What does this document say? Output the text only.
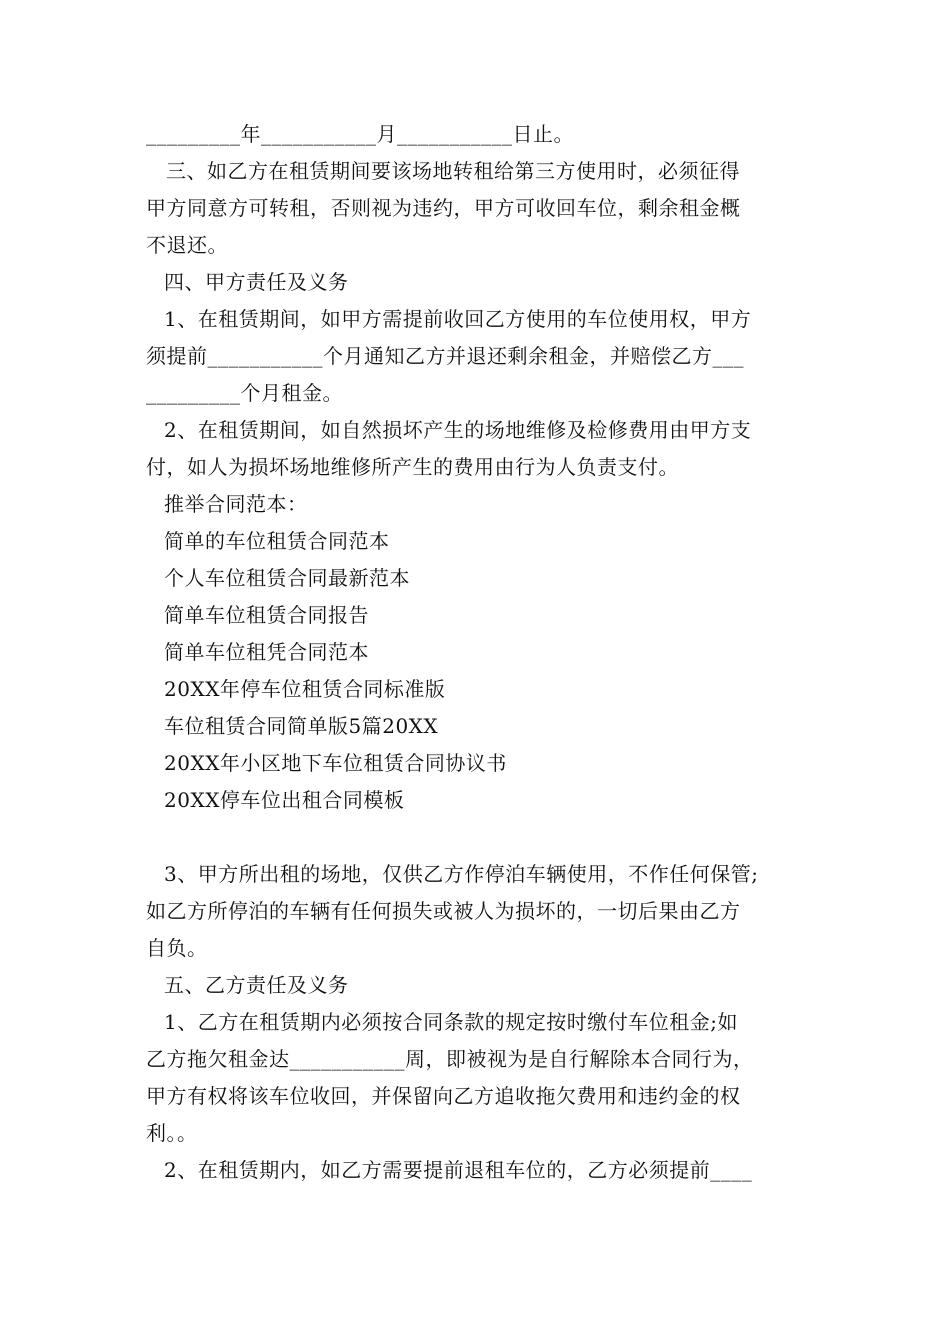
_________年___________月___________日止。

三、如乙方在租赁期间要该场地转租给第三方使用时，必须征得

甲方同意方可转租，否则视为违约，甲方可收回车位，剩余租金概

不退还。

四、甲方责任及义务

1、在租赁期间，如甲方需提前收回乙方使用的车位使用权，甲方

须提前___________个月通知乙方并退还剩余租金，并赔偿乙方___

_________个月租金。

2、在租赁期间，如自然损坏产生的场地维修及检修费用由甲方支

付，如人为损坏场地维修所产生的费用由行为人负责支付。

推举合同范本：

简单的车位租赁合同范本

个人车位租赁合同最新范本

简单车位租赁合同报告

简单车位租凭合同范本

20XX年停车位租赁合同标准版

车位租赁合同简单版5篇20XX

20XX年小区地下车位租赁合同协议书

20XX停车位出租合同模板

3、甲方所出租的场地，仅供乙方作停泊车辆使用，不作任何保管;

如乙方所停泊的车辆有任何损失或被人为损坏的，一切后果由乙方

自负。

五、乙方责任及义务

1、乙方在租赁期内必须按合同条款的规定按时缴付车位租金;如

乙方拖欠租金达___________周，即被视为是自行解除本合同行为，

甲方有权将该车位收回，并保留向乙方追收拖欠费用和违约金的权

利。。

2、在租赁期内，如乙方需要提前退租车位的，乙方必须提前____
